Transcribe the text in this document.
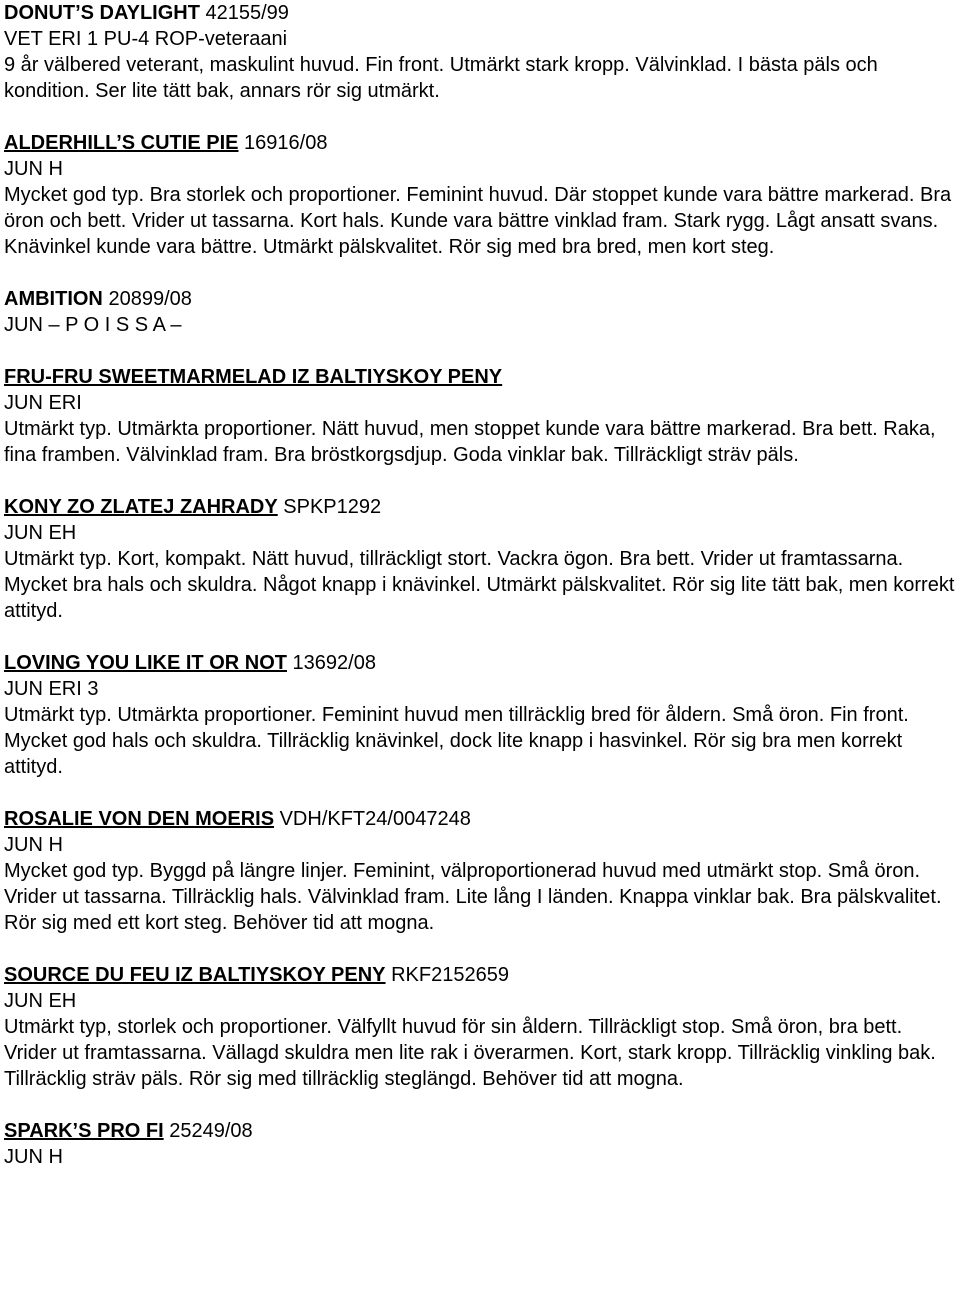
DONUT’S DAYLIGHT 42155/99
VET ERI 1 PU-4 ROP-veteraani
9 år välbered veterant, maskulint huvud. Fin front. Utmärkt stark kropp. Välvinklad. I bästa päls och kondition. Ser lite tätt bak, annars rör sig utmärkt.
ALDERHILL’S CUTIE PIE 16916/08
JUN H
Mycket god typ. Bra storlek och proportioner. Feminint huvud. Där stoppet kunde vara bättre markerad. Bra öron och bett. Vrider ut tassarna. Kort hals. Kunde vara bättre vinklad fram. Stark rygg. Lågt ansatt svans. Knävinkel kunde vara bättre. Utmärkt pälskvalitet. Rör sig med bra bred, men kort steg.
AMBITION 20899/08
JUN – P O I S S A –
FRU-FRU SWEETMARMELAD IZ BALTIYSKOY PENY
JUN ERI
Utmärkt typ. Utmärkta proportioner. Nätt huvud, men stoppet kunde vara bättre markerad. Bra bett. Raka, fina framben. Välvinklad fram. Bra bröstkorgsdjup. Goda vinklar bak. Tillräckligt sträv päls.
KONY ZO ZLATEJ ZAHRADY SPKP1292
JUN EH
Utmärkt typ. Kort, kompakt. Nätt huvud, tillräckligt stort. Vackra ögon. Bra bett. Vrider ut framtassarna. Mycket bra hals och skuldra. Något knapp i knävinkel. Utmärkt pälskvalitet. Rör sig lite tätt bak, men korrekt attityd.
LOVING YOU LIKE IT OR NOT 13692/08
JUN ERI 3
Utmärkt typ. Utmärkta proportioner. Feminint huvud men tillräcklig bred för åldern. Små öron. Fin front. Mycket god hals och skuldra. Tillräcklig knävinkel, dock lite knapp i hasvinkel. Rör sig bra men korrekt attityd.
ROSALIE VON DEN MOERIS VDH/KFT24/0047248
JUN H
Mycket god typ. Byggd på längre linjer. Feminint, välproportionerad huvud med utmärkt stop. Små öron. Vrider ut tassarna. Tillräcklig hals. Välvinklad fram. Lite lång I länden. Knappa vinklar bak. Bra pälskvalitet. Rör sig med ett kort steg. Behöver tid att mogna.
SOURCE DU FEU IZ BALTIYSKOY PENY RKF2152659
JUN EH
Utmärkt typ, storlek och proportioner. Välfyllt huvud för sin åldern. Tillräckligt stop. Små öron, bra bett. Vrider ut framtassarna. Vällagd skuldra men lite rak i överarmen. Kort, stark kropp. Tillräcklig vinkling bak. Tillräcklig sträv päls. Rör sig med tillräcklig steglängd. Behöver tid att mogna.
SPARK’S PRO FI 25249/08
JUN H
